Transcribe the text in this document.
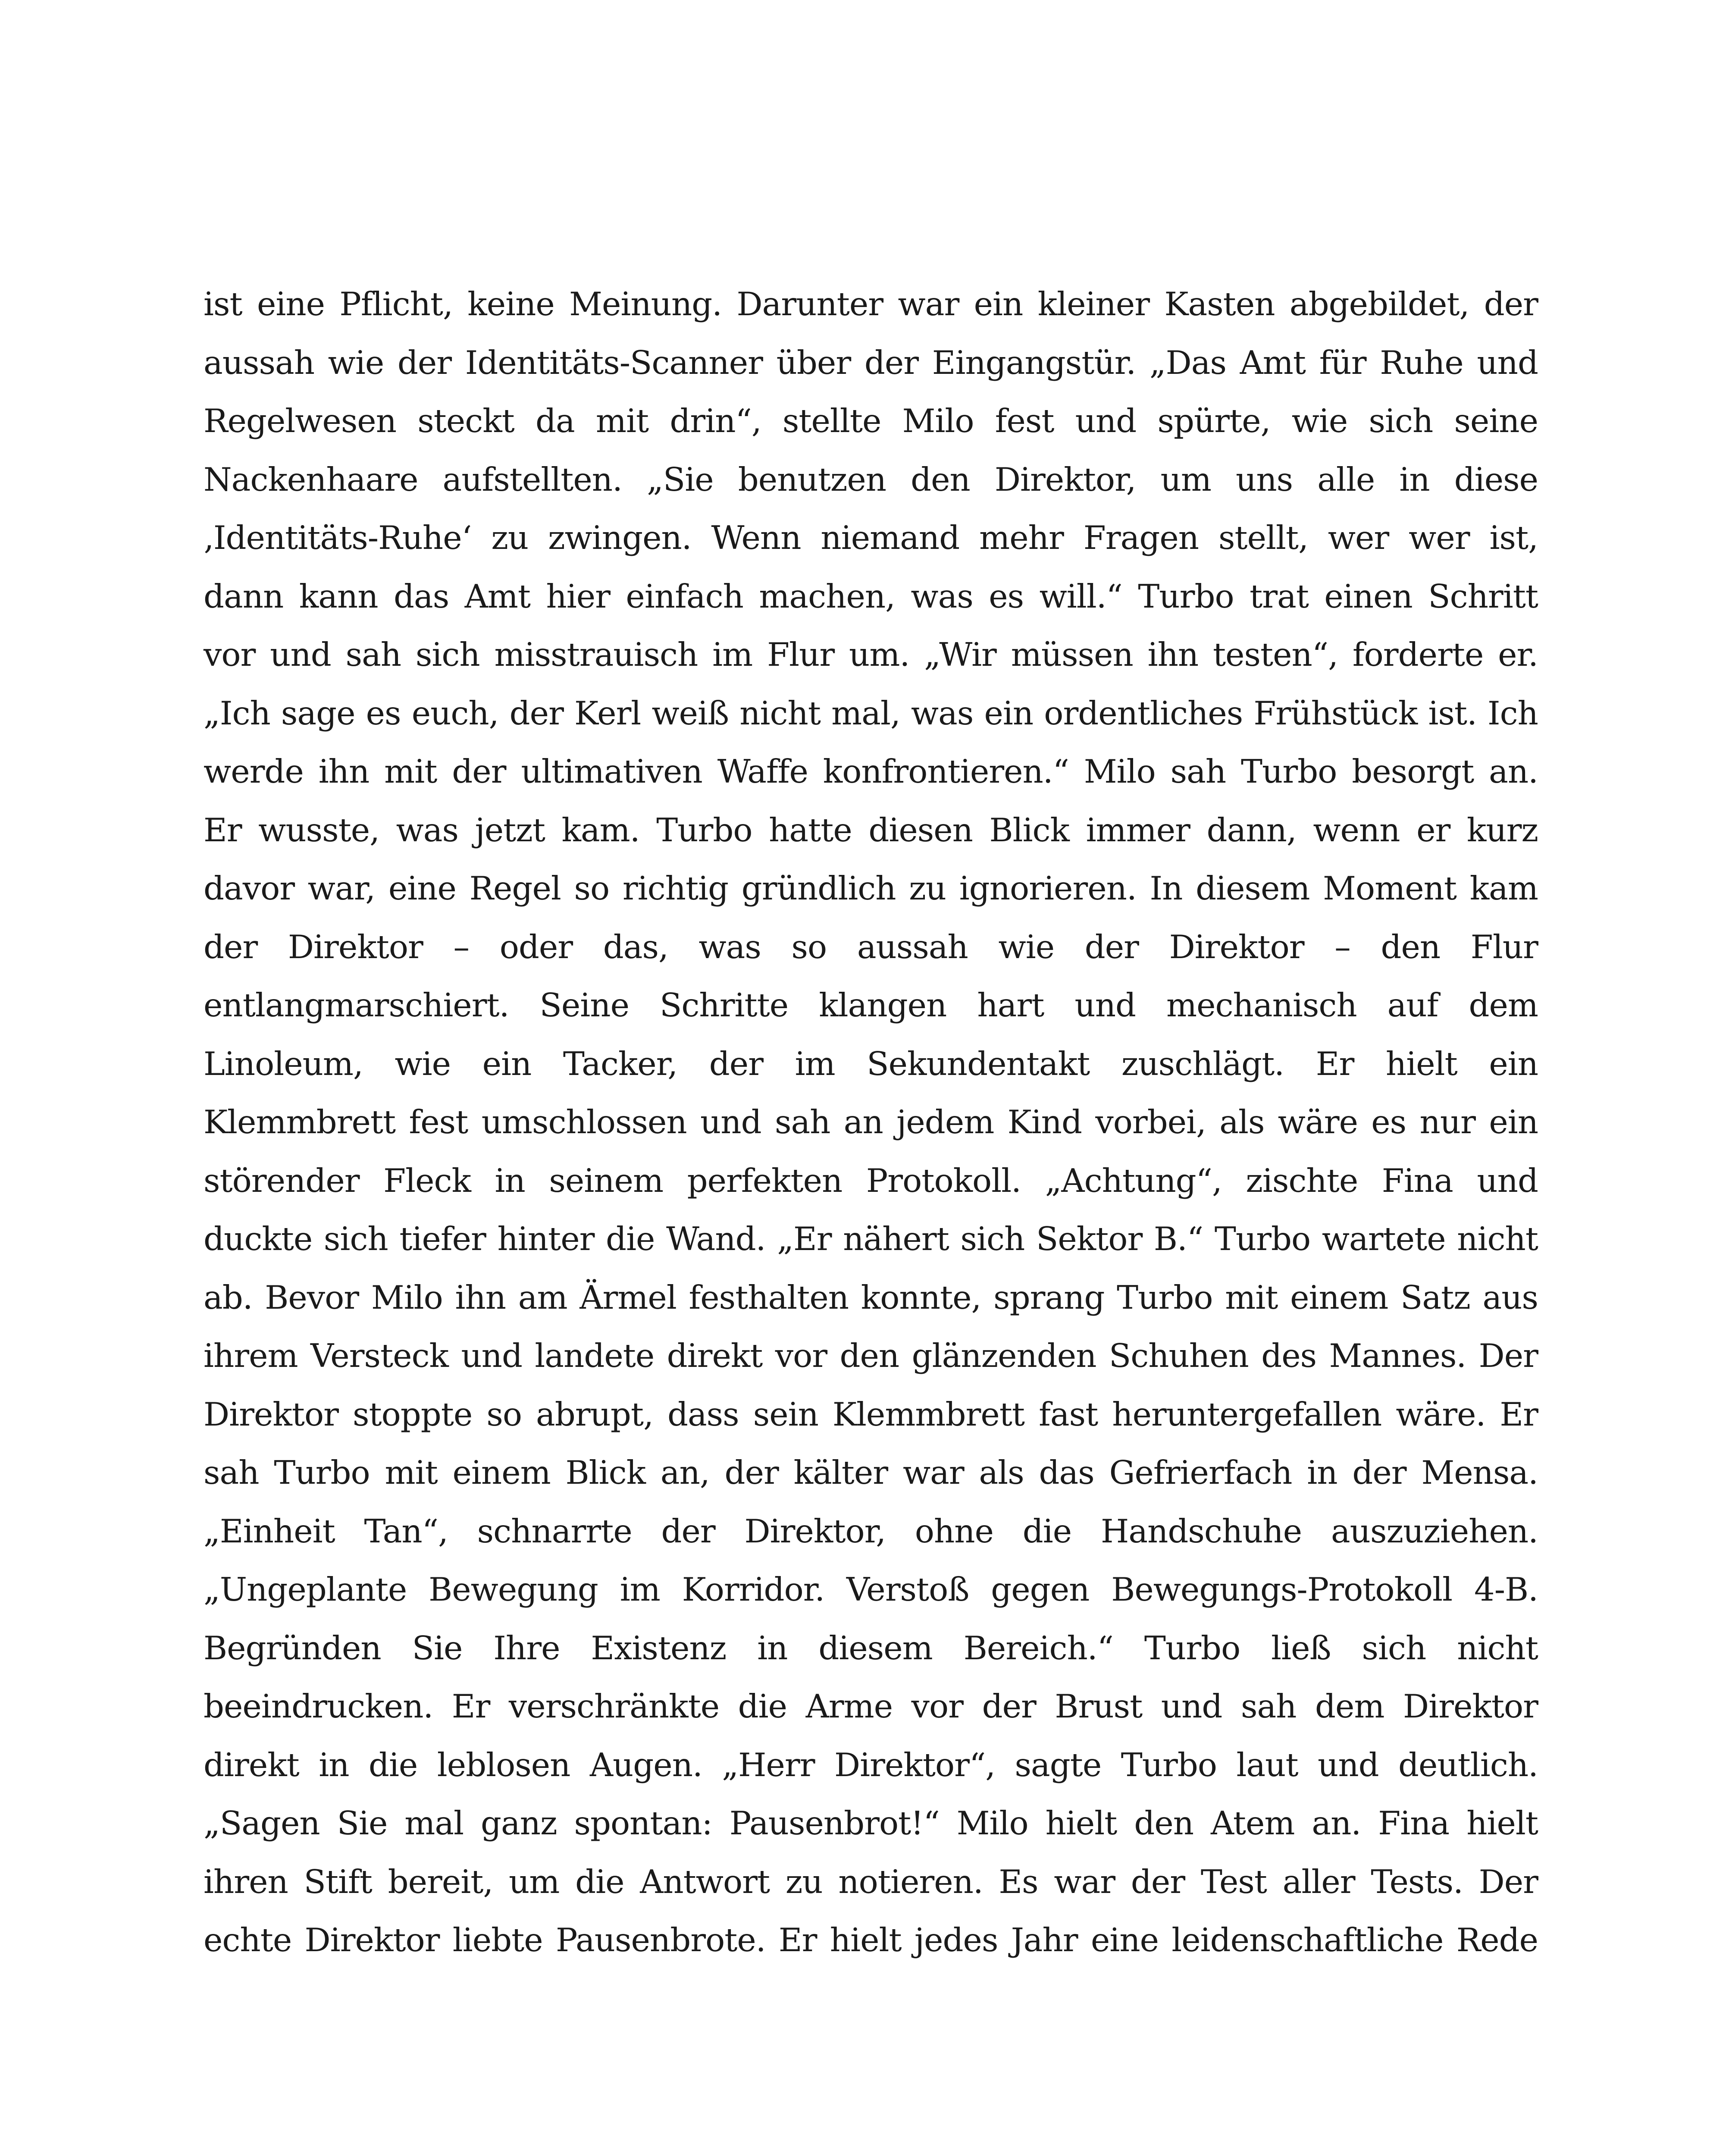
ist eine Pflicht, keine Meinung. Darunter war ein kleiner Kasten abgebildet, der
aussah wie der Identitäts-Scanner über der Eingangstür. „Das Amt für Ruhe und
Regelwesen steckt da mit drin“, stellte Milo fest und spürte, wie sich seine
Nackenhaare aufstellten. „Sie benutzen den Direktor, um uns alle in diese
‚Identitäts-Ruhe‘ zu zwingen. Wenn niemand mehr Fragen stellt, wer wer ist,
dann kann das Amt hier einfach machen, was es will.“ Turbo trat einen Schritt
vor und sah sich misstrauisch im Flur um. „Wir müssen ihn testen“, forderte er.
„Ich sage es euch, der Kerl weiß nicht mal, was ein ordentliches Frühstück ist. Ich
werde ihn mit der ultimativen Waffe konfrontieren.“ Milo sah Turbo besorgt an.
Er wusste, was jetzt kam. Turbo hatte diesen Blick immer dann, wenn er kurz
davor war, eine Regel so richtig gründlich zu ignorieren. In diesem Moment kam
der Direktor – oder das, was so aussah wie der Direktor – den Flur
entlangmarschiert. Seine Schritte klangen hart und mechanisch auf dem
Linoleum, wie ein Tacker, der im Sekundentakt zuschlägt. Er hielt ein
Klemmbrett fest umschlossen und sah an jedem Kind vorbei, als wäre es nur ein
störender Fleck in seinem perfekten Protokoll. „Achtung“, zischte Fina und
duckte sich tiefer hinter die Wand. „Er nähert sich Sektor B.“ Turbo wartete nicht
ab. Bevor Milo ihn am Ärmel festhalten konnte, sprang Turbo mit einem Satz aus
ihrem Versteck und landete direkt vor den glänzenden Schuhen des Mannes. Der
Direktor stoppte so abrupt, dass sein Klemmbrett fast heruntergefallen wäre. Er
sah Turbo mit einem Blick an, der kälter war als das Gefrierfach in der Mensa.
„Einheit Tan“, schnarrte der Direktor, ohne die Handschuhe auszuziehen.
„Ungeplante Bewegung im Korridor. Verstoß gegen Bewegungs-Protokoll 4-B.
Begründen Sie Ihre Existenz in diesem Bereich.“ Turbo ließ sich nicht
beeindrucken. Er verschränkte die Arme vor der Brust und sah dem Direktor
direkt in die leblosen Augen. „Herr Direktor“, sagte Turbo laut und deutlich.
„Sagen Sie mal ganz spontan: Pausenbrot!“ Milo hielt den Atem an. Fina hielt
ihren Stift bereit, um die Antwort zu notieren. Es war der Test aller Tests. Der
echte Direktor liebte Pausenbrote. Er hielt jedes Jahr eine leidenschaftliche Rede
